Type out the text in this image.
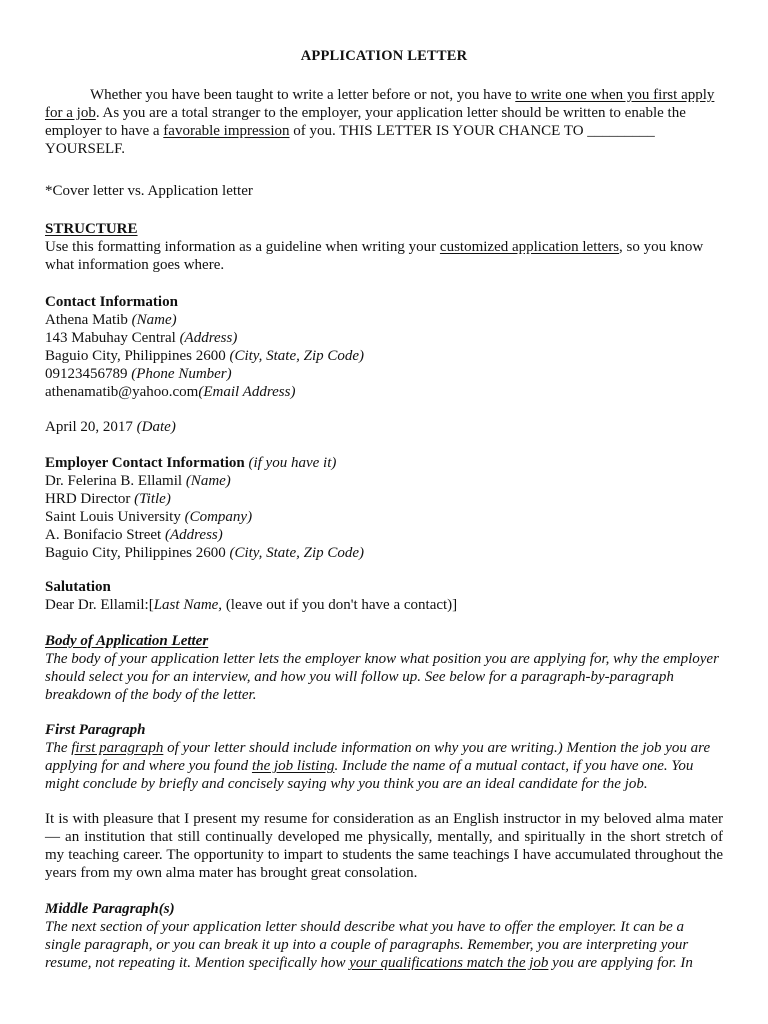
APPLICATION LETTER

Whether you have been taught to write a letter before or not, you have to write one when you first apply for a job. As you are a total stranger to the employer, your application letter should be written to enable the employer to have a favorable impression of you. THIS LETTER IS YOUR CHANCE TO _________ YOURSELF.

*Cover letter vs. Application letter

STRUCTURE

Use this formatting information as a guideline when writing your customized application letters, so you know what information goes where.

Contact Information
Athena Matib (Name)
143 Mabuhay Central (Address)
Baguio City, Philippines 2600 (City, State, Zip Code)
09123456789 (Phone Number)
athenamatib@yahoo.com(Email Address)

April 20, 2017 (Date)

Employer Contact Information (if you have it)
Dr. Felerina B. Ellamil (Name)
HRD Director (Title)
Saint Louis University (Company)
A. Bonifacio Street (Address)
Baguio City, Philippines 2600 (City, State, Zip Code)
Salutation
Dear Dr. Ellamil:[Last Name, (leave out if you don't have a contact)]
Body of Application Letter

The body of your application letter lets the employer know what position you are applying for, why the employer should select you for an interview, and how you will follow up. See below for a paragraph-by-paragraph breakdown of the body of the letter.

First Paragraph

The first paragraph of your letter should include information on why you are writing.) Mention the job you are applying for and where you found the job listing. Include the name of a mutual contact, if you have one. You might conclude by briefly and concisely saying why you think you are an ideal candidate for the job.

It is with pleasure that I present my resume for consideration as an English instructor in my beloved alma mater— an institution that still continually developed me physically, mentally, and spiritually in the short stretch of my teaching career. The opportunity to impart to students the same teachings I have accumulated throughout the years from my own alma mater has brought great consolation.

Middle Paragraph(s)

The next section of your application letter should describe what you have to offer the employer. It can be a single paragraph, or you can break it up into a couple of paragraphs. Remember, you are interpreting your resume, not repeating it. Mention specifically how your qualifications match the job you are applying for. In
